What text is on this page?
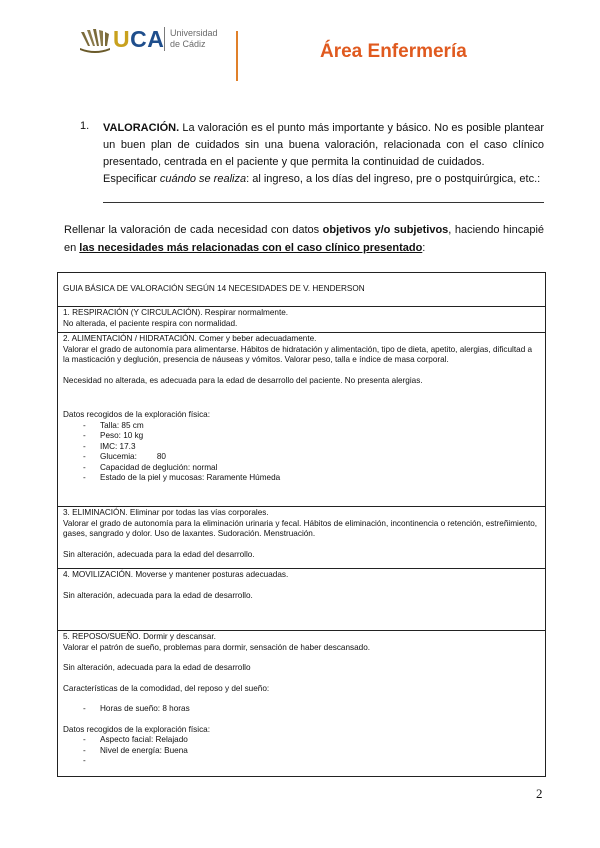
UCA Universidad
de Cádiz	Área Enfermería
1. VALORACIÓN. La valoración es el punto más importante y básico. No es posible plantear un buen plan de cuidados sin una buena valoración, relacionada con el caso clínico presentado, centrada en el paciente y que permita la continuidad de cuidados.
Especificar cuándo se realiza: al ingreso, a los días del ingreso, pre o postquirúrgica, etc.:
Rellenar la valoración de cada necesidad con datos objetivos y/o subjetivos, haciendo hincapié en las necesidades más relacionadas con el caso clínico presentado:

GUIA BÁSICA DE VALORACIÓN SEGÚN 14 NECESIDADES DE V. HENDERSON

1. RESPIRACIÓN (Y CIRCULACIÓN). Respirar normalmente.

No alterada, el paciente respira con normalidad.

2. ALIMENTACIÓN / HIDRATACIÓN. Comer y beber adecuadamente.

Valorar el grado de autonomía para alimentarse. Hábitos de hidratación y alimentación, tipo de dieta, apetito, alergias, dificultad a la masticación y deglución, presencia de náuseas y vómitos. Valorar peso, talla e índice de masa corporal.

Necesidad no alterada, es adecuada para la edad de desarrollo del paciente. No presenta alergias.

Datos recogidos de la exploración física:

- Talla: 85 cm
- Peso: 10 kg
- IMC: 17.3
- Glucemia: 80
- Capacidad de deglución: normal
- Estado de la piel y mucosas: Raramente Húmeda

3. ELIMINACIÓN. Eliminar por todas las vías corporales.

Valorar el grado de autonomía para la eliminación urinaria y fecal. Hábitos de eliminación, incontinencia o retención, estreñimiento, gases, sangrado y dolor. Uso de laxantes. Sudoración. Menstruación.

Sin alteración, adecuada para la edad del desarrollo.

4. MOVILIZACIÓN. Moverse y mantener posturas adecuadas.

Sin alteración, adecuada para la edad de desarrollo.

5. REPOSO/SUEÑO. Dormir y descansar.

Valorar el patrón de sueño, problemas para dormir, sensación de haber descansado.

Sin alteración, adecuada para la edad de desarrollo

Características de la comodidad, del reposo y del sueño:

- Horas de sueño: 8 horas

Datos recogidos de la exploración física:

- Aspecto facial: Relajado
- Nivel de energía: Buena
2
